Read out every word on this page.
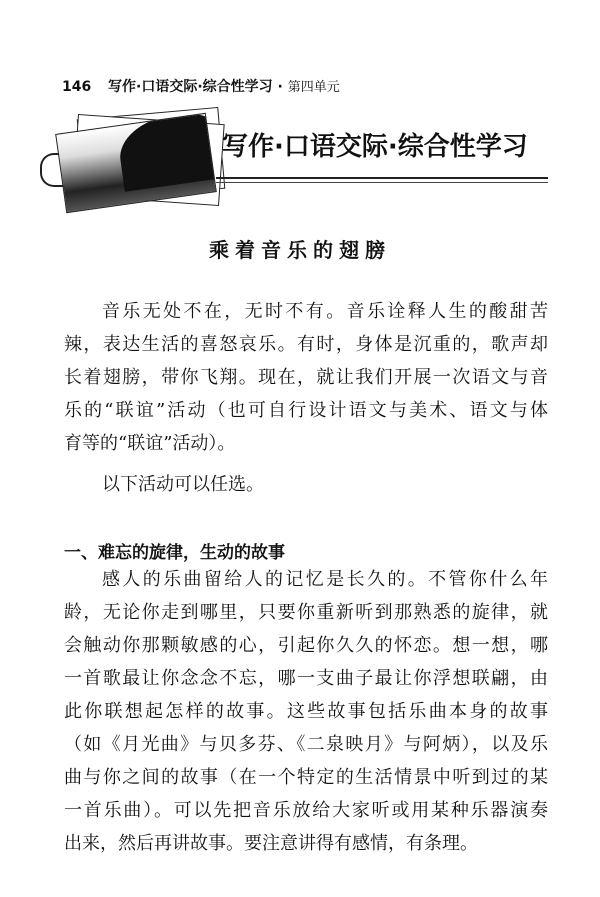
146 写作·口语交际·综合性学习 · 第四单元
写作·口语交际·综合性学习
乘着音乐的翅膀
音乐无处不在，无时不有。音乐诠释人生的酸甜苦
辣，表达生活的喜怒哀乐。有时，身体是沉重的，歌声却
长着翅膀，带你飞翔。现在，就让我们开展一次语文与音
乐的“联谊”活动（也可自行设计语文与美术、语文与体
育等的“联谊”活动）。
以下活动可以任选。
一、难忘的旋律，生动的故事
感人的乐曲留给人的记忆是长久的。不管你什么年
龄，无论你走到哪里，只要你重新听到那熟悉的旋律，就
会触动你那颗敏感的心，引起你久久的怀恋。想一想，哪
一首歌最让你念念不忘，哪一支曲子最让你浮想联翩，由
此你联想起怎样的故事。这些故事包括乐曲本身的故事
（如《月光曲》与贝多芬、《二泉映月》与阿炳），以及乐
曲与你之间的故事（在一个特定的生活情景中听到过的某
一首乐曲）。可以先把音乐放给大家听或用某种乐器演奏
出来，然后再讲故事。要注意讲得有感情，有条理。
